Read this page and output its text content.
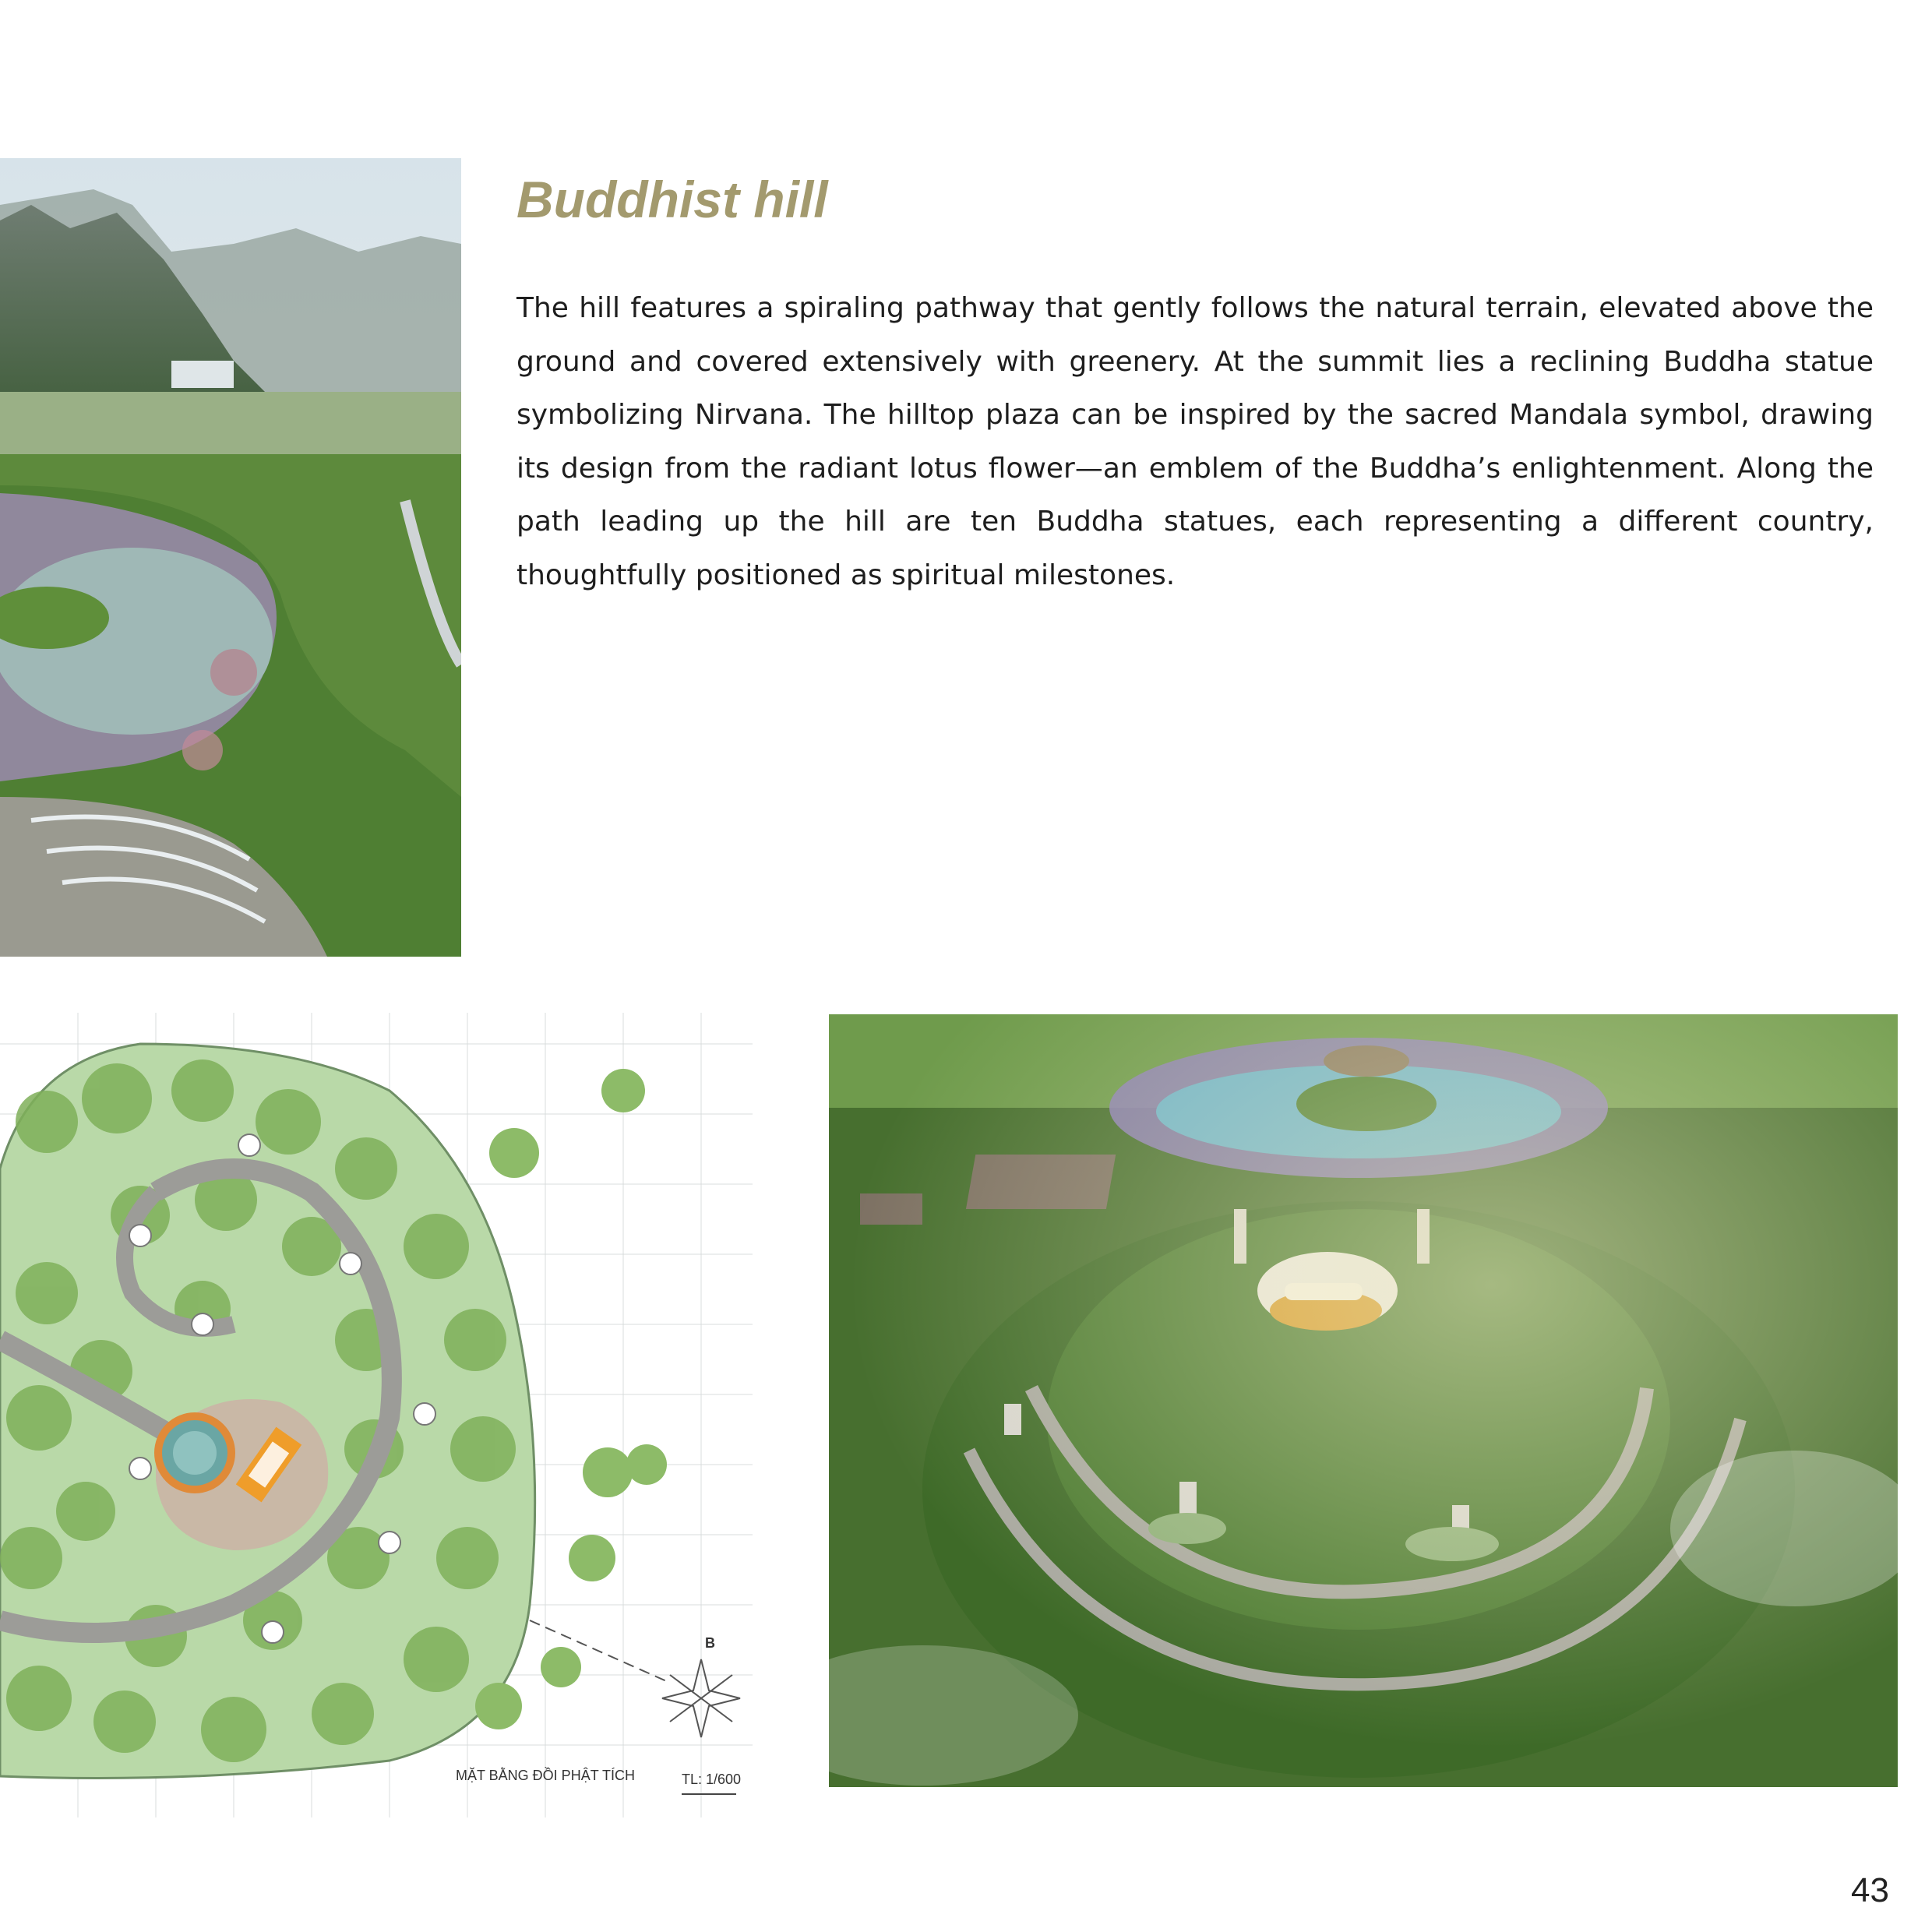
Buddhist hill

The hill features a spiraling pathway that gently follows the natural terrain, elevated above the ground and covered extensively with greenery. At the summit lies a reclining Buddha statue symbolizing Nirvana. The hilltop plaza can be inspired by the sacred Mandala symbol, drawing its design from the radiant lotus flower—an emblem of the Buddha’s enlightenment. Along the path leading up the hill are ten Buddha statues, each representing a different country, thoughtfully positioned as spiritual milestones.

B
MẶT BẰNG ĐỒI PHẬT TÍCH	TL: 1/600
43
